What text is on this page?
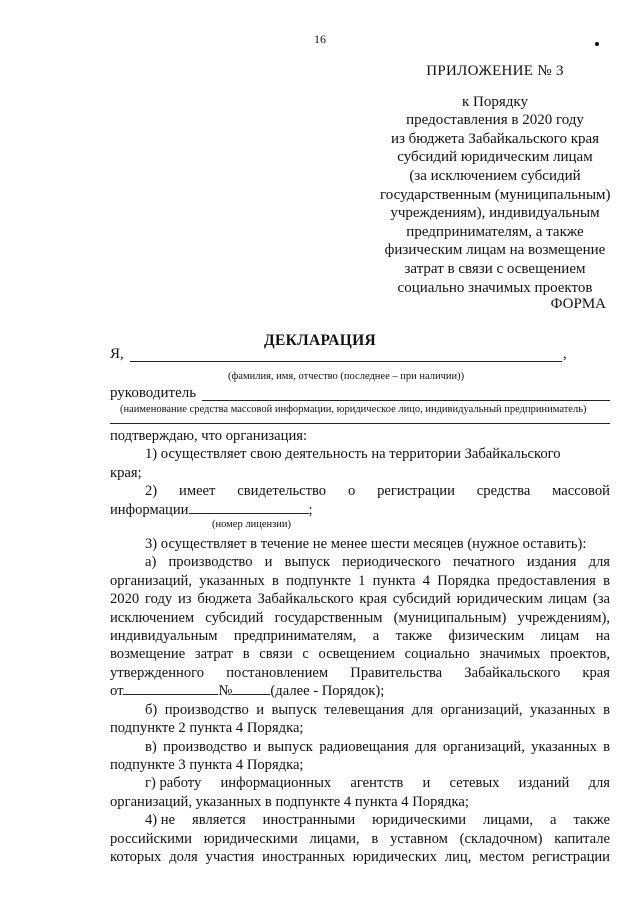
16
ПРИЛОЖЕНИЕ № 3
к Порядку
предоставления в 2020 году
из бюджета Забайкальского края
субсидий юридическим лицам
(за исключением субсидий
государственным (муниципальным)
учреждениям), индивидуальным
предпринимателям, а также
физическим лицам на возмещение
затрат в связи с освещением
социально значимых проектов
ФОРМА
ДЕКЛАРАЦИЯ
Я,	,
(фамилия, имя, отчество (последнее – при наличии))
руководитель
(наименование средства массовой информации, юридическое лицо, индивидуальный предприниматель)

подтверждаю, что организация:

1) осуществляет свою деятельность на территории Забайкальского

края;

2) имеет свидетельство о регистрации средства массовой

информации	;

(номер лицензии)

3) осуществляет в течение не менее шести месяцев (нужное оставить):

а) производство и выпуск периодического печатного издания для

организаций, указанных в подпункте 1 пункта 4 Порядка предоставления в

2020 году из бюджета Забайкальского края субсидий юридическим лицам (за

исключением субсидий государственным (муниципальным) учреждениям),

индивидуальным предпринимателям, а также физическим лицам на

возмещение затрат в связи с освещением социально значимых проектов,

утвержденного постановлением Правительства Забайкальского края

от	№	(далее - Порядок);

б) производство и выпуск телевещания для организаций, указанных в

подпункте 2 пункта 4 Порядка;

в) производство и выпуск радиовещания для организаций, указанных в

подпункте 3 пункта 4 Порядка;

г) работу информационных агентств и сетевых изданий для

организаций, указанных в подпункте 4 пункта 4 Порядка;

4) не является иностранными юридическими лицами, а также

российскими юридическими лицами, в уставном (складочном) капитале

которых доля участия иностранных юридических лиц, местом регистрации
